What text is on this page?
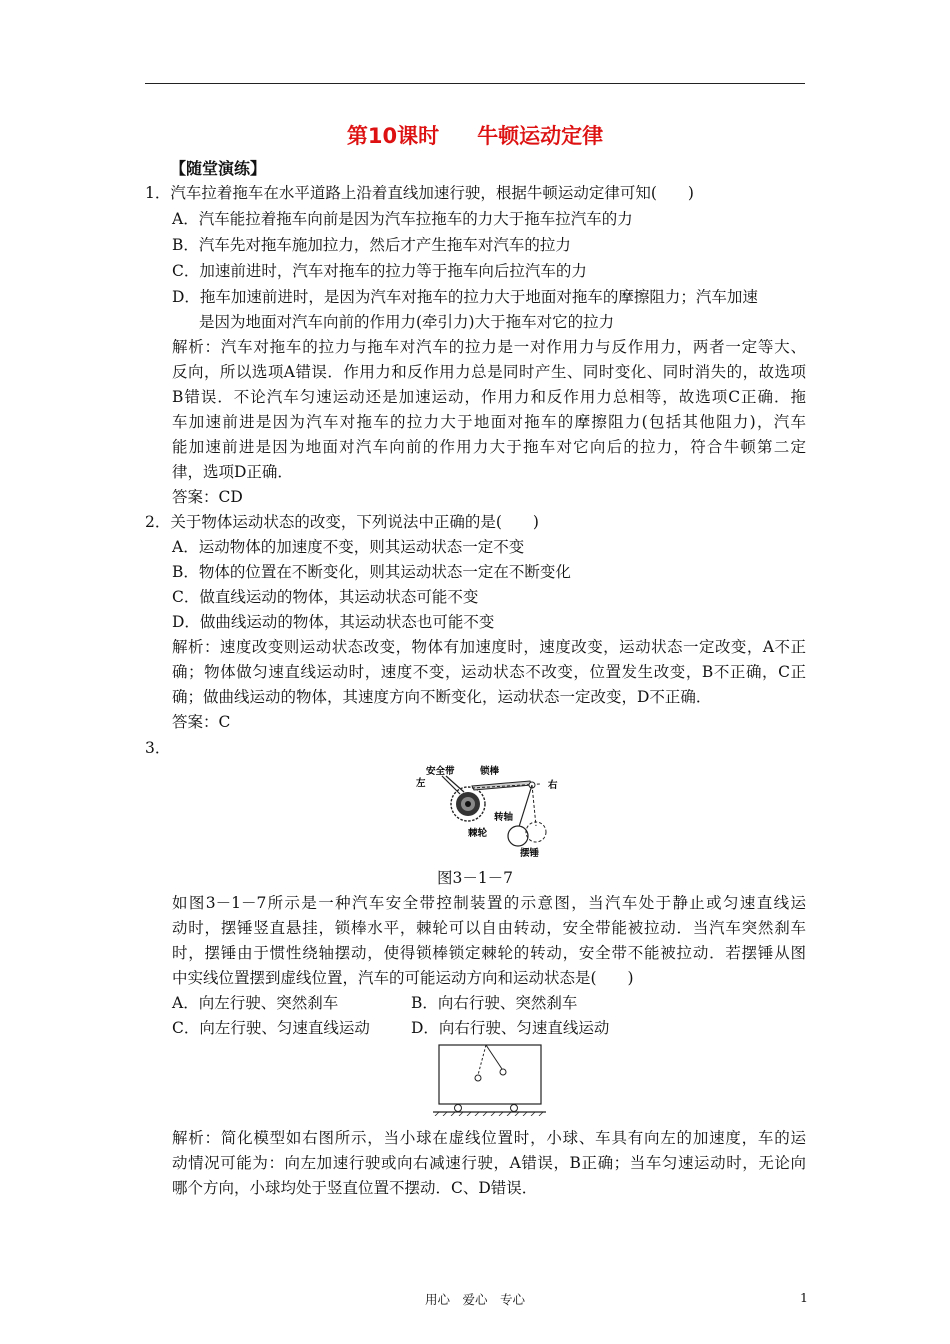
第10课时 牛顿运动定律
【随堂演练】
1．汽车拉着拖车在水平道路上沿着直线加速行驶，根据牛顿运动定律可知(　　)
A．汽车能拉着拖车向前是因为汽车拉拖车的力大于拖车拉汽车的力
B．汽车先对拖车施加拉力，然后才产生拖车对汽车的拉力
C．加速前进时，汽车对拖车的拉力等于拖车向后拉汽车的力
D．拖车加速前进时，是因为汽车对拖车的拉力大于地面对拖车的摩擦阻力；汽车加速
是因为地面对汽车向前的作用力(牵引力)大于拖车对它的拉力
解析：汽车对拖车的拉力与拖车对汽车的拉力是一对作用力与反作用力，两者一定等大、
反向，所以选项A错误．作用力和反作用力总是同时产生、同时变化、同时消失的，故选项
B错误．不论汽车匀速运动还是加速运动，作用力和反作用力总相等，故选项C正确．拖
车加速前进是因为汽车对拖车的拉力大于地面对拖车的摩擦阻力(包括其他阻力)，汽车
能加速前进是因为地面对汽车向前的作用力大于拖车对它向后的拉力，符合牛顿第二定
律，选项D正确．
答案：CD
2．关于物体运动状态的改变，下列说法中正确的是(　　)
A．运动物体的加速度不变，则其运动状态一定不变
B．物体的位置在不断变化，则其运动状态一定在不断变化
C．做直线运动的物体，其运动状态可能不变
D．做曲线运动的物体，其运动状态也可能不变
解析：速度改变则运动状态改变，物体有加速度时，速度改变，运动状态一定改变，A不正
确；物体做匀速直线运动时，速度不变，运动状态不改变，位置发生改变，B不正确，C正
确；做曲线运动的物体，其速度方向不断变化，运动状态一定改变，D不正确．
答案：C
3．
安全带	锁棒
左	右
棘轮
转轴
摆锤
图3－1－7
如图3－1－7所示是一种汽车安全带控制装置的示意图，当汽车处于静止或匀速直线运
动时，摆锤竖直悬挂，锁棒水平，棘轮可以自由转动，安全带能被拉动．当汽车突然刹车
时，摆锤由于惯性绕轴摆动，使得锁棒锁定棘轮的转动，安全带不能被拉动．若摆锤从图
中实线位置摆到虚线位置，汽车的可能运动方向和运动状态是(　　)
A．向左行驶、突然刹车	B．向右行驶、突然刹车
C．向左行驶、匀速直线运动	D．向右行驶、匀速直线运动
解析：简化模型如右图所示，当小球在虚线位置时，小球、车具有向左的加速度，车的运
动情况可能为：向左加速行驶或向右减速行驶，A错误，B正确；当车匀速运动时，无论向
哪个方向，小球均处于竖直位置不摆动．C、D错误．
用心　爱心　专心	1
